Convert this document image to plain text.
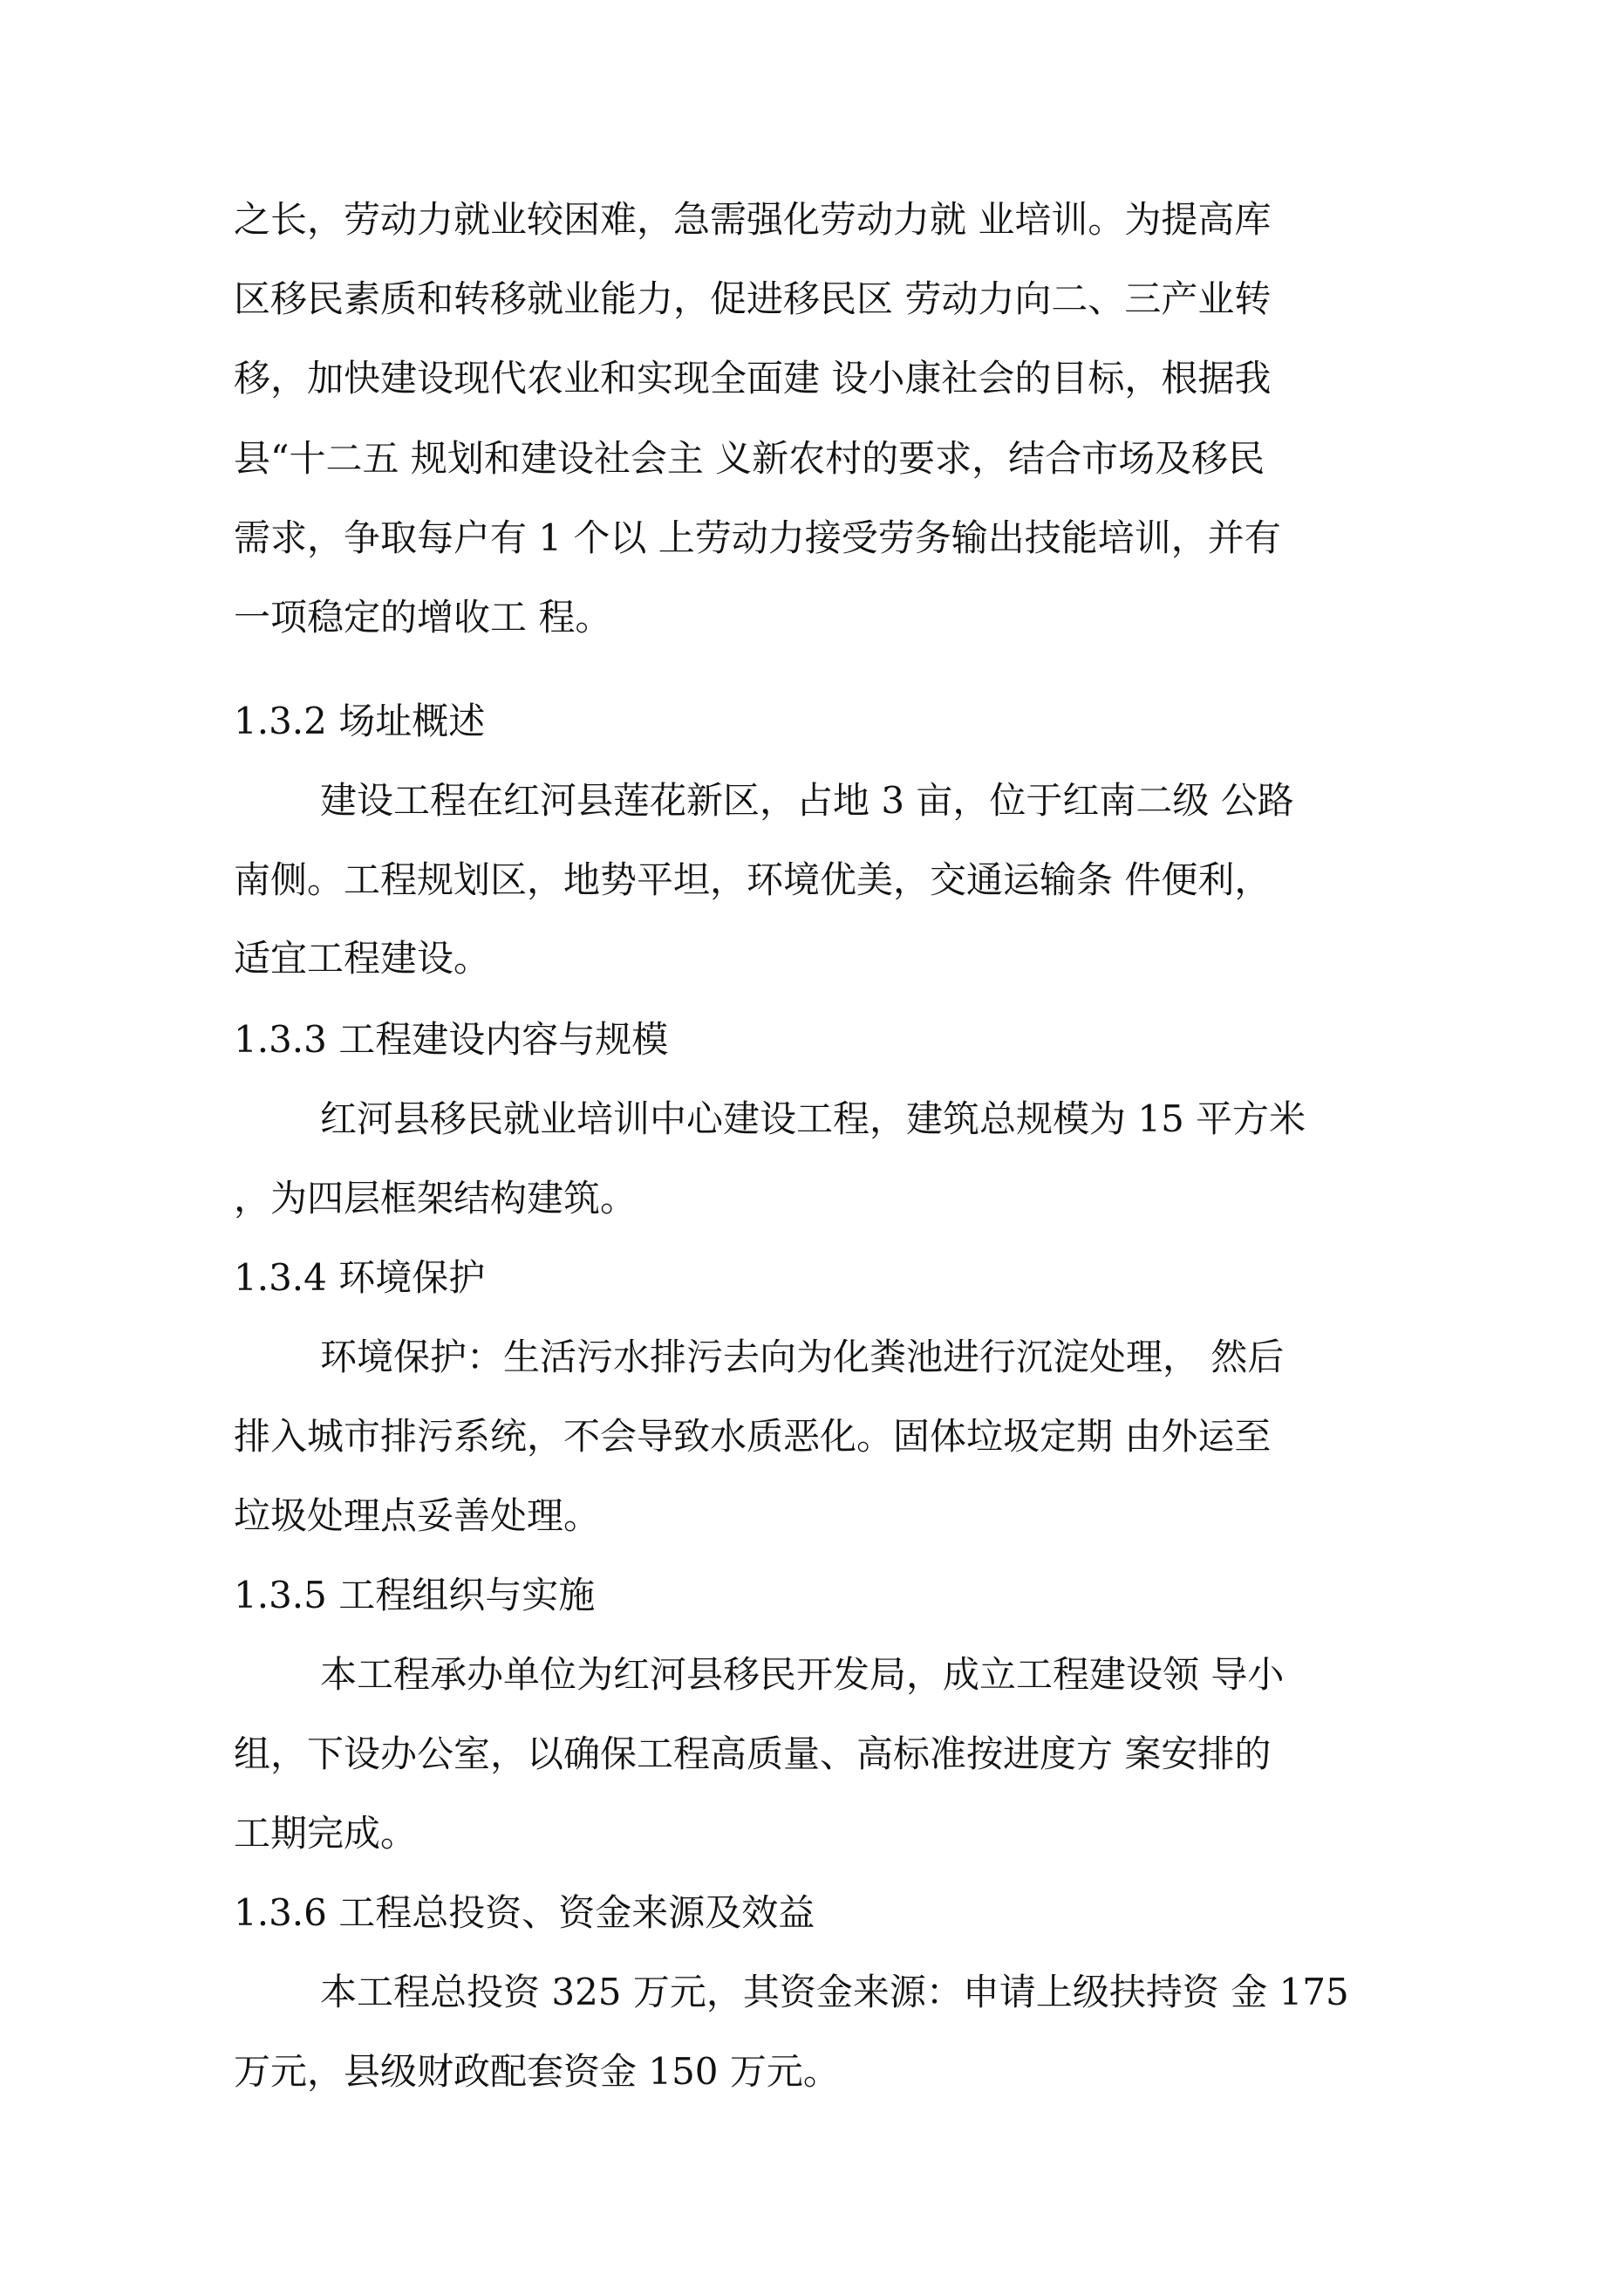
之长，劳动力就业较困难，急需强化劳动力就 业培训。为提高库

区移民素质和转移就业能力，促进移民区 劳动力向二、三产业转

移，加快建设现代农业和实现全面建 设小康社会的目标，根据我

县“十二五 规划和建设社会主 义新农村的要求，结合市场及移民

需求，争取每户有 1 个以 上劳动力接受劳务输出技能培训，并有

一项稳定的增收工 程。

1.3.2 场址概述

建设工程在红河县莲花新区，占地 3 亩，位于红南二级 公路

南侧。工程规划区，地势平坦，环境优美，交通运输条 件便利，

适宜工程建设。

1.3.3 工程建设内容与规模

红河县移民就业培训中心建设工程，建筑总规模为 15 平方米

，为四层框架结构建筑。

1.3.4 环境保护

环境保护：生活污水排污去向为化粪池进行沉淀处理， 然后

排入城市排污系统，不会导致水质恶化。固体垃圾定期 由外运至

垃圾处理点妥善处理。

1.3.5 工程组织与实施

本工程承办单位为红河县移民开发局，成立工程建设领 导小

组，下设办公室，以确保工程高质量、高标准按进度方 案安排的

工期完成。

1.3.6 工程总投资、资金来源及效益

本工程总投资 325 万元，其资金来源：申请上级扶持资 金 175

万元，县级财政配套资金 150 万元。
